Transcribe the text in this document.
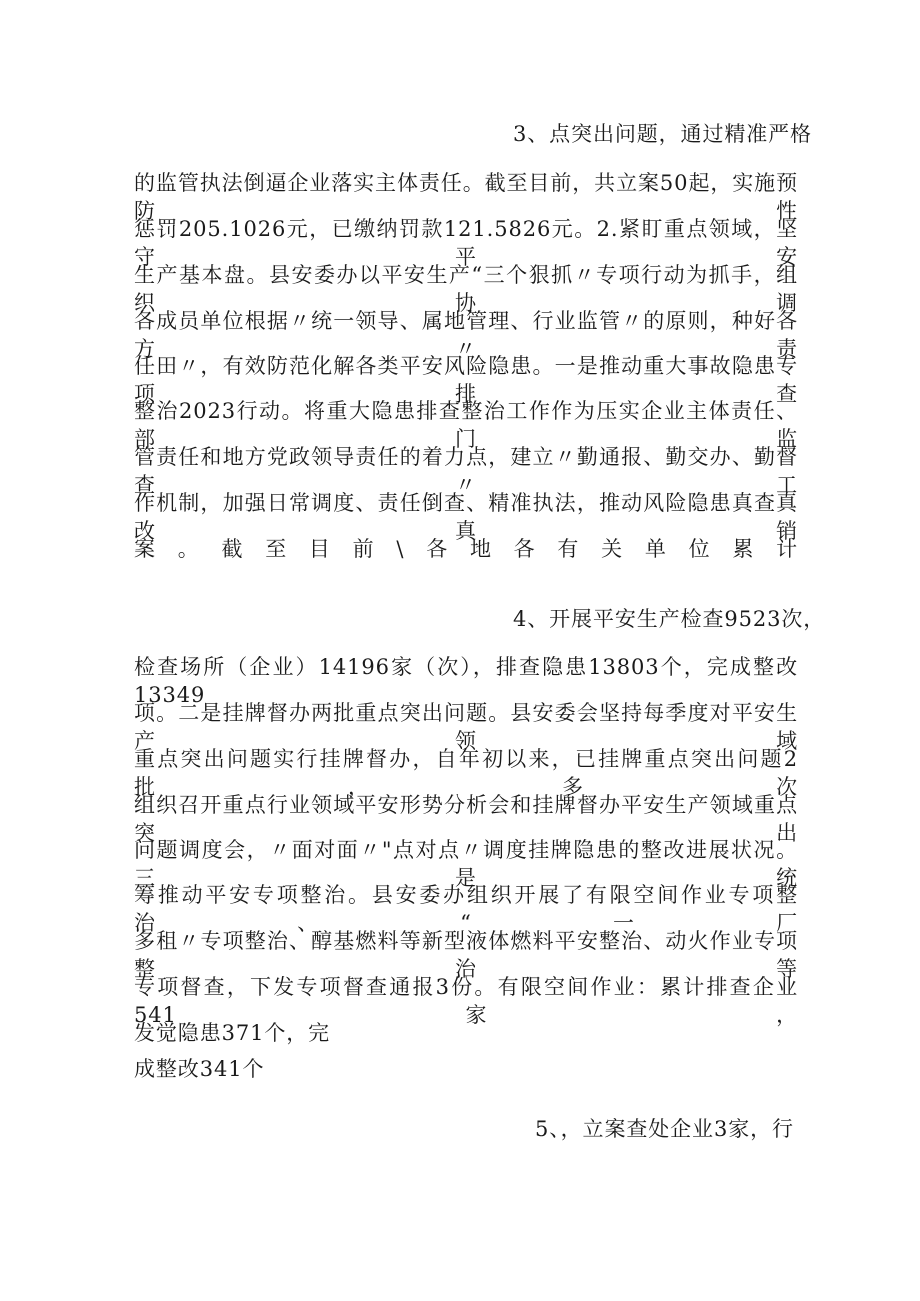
3、点突出问题，通过精准严格
的监管执法倒逼企业落实主体责任。截至目前，共立案50起，实施预防性
惩罚205.1026元，已缴纳罚款121.5826元。2.紧盯重点领域，坚守平安
生产基本盘。县安委办以平安生产“三个狠抓〃专项行动为抓手，组织协调
各成员单位根据〃统一领导、属地管理、行业监管〃的原则，种好各方〃责
任田〃，有效防范化解各类平安风险隐患。一是推动重大事故隐患专项排查
整治2023行动。将重大隐患排查整治工作作为压实企业主体责任、部门监
管责任和地方党政领导责任的着力点，建立〃勤通报、勤交办、勤督查〃工
作机制，加强日常调度、责任倒查、精准执法，推动风险隐患真查真改真销
案。截至目前\各地各有关单位累计
4、开展平安生产检查9523次，
检查场所（企业）14196家（次），排查隐患13803个，完成整改13349
项。二是挂牌督办两批重点突出问题。县安委会坚持每季度对平安生产领域
重点突出问题实行挂牌督办，自年初以来，已挂牌重点突出问题2批，多次
组织召开重点行业领域平安形势分析会和挂牌督办平安生产领域重点突出
问题调度会，〃面对面〃"点对点〃调度挂牌隐患的整改进展状况。三是统
筹推动平安专项整治。县安委办组织开展了有限空间作业专项整治、“一厂
多租〃专项整治、醇基燃料等新型液体燃料平安整治、动火作业专项整治等
专项督查，下发专项督查通报3份。有限空间作业：累计排查企业541家，
发觉隐患371个，完
成整改341个
5、，立案查处企业3家，行
